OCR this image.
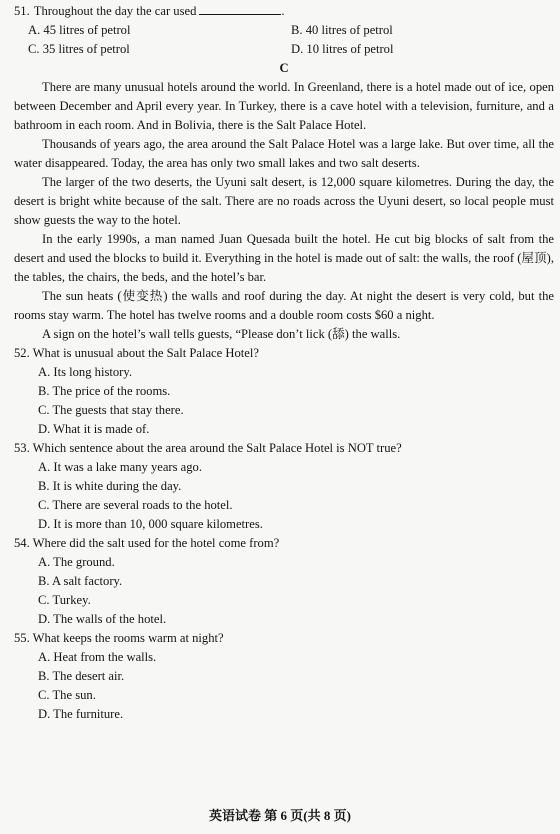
51. Throughout the day the car used	.

A. 45 litres of petrol	B. 40 litres of petrol
C. 35 litres of petrol	D. 10 litres of petrol

C

There are many unusual hotels around the world. In Greenland, there is a hotel made out of ice, open between December and April every year. In Turkey, there is a cave hotel with a television, furniture, and a bathroom in each room. And in Bolivia, there is the Salt Palace Hotel.

Thousands of years ago, the area around the Salt Palace Hotel was a large lake. But over time, all the water disappeared. Today, the area has only two small lakes and two salt deserts.

The larger of the two deserts, the Uyuni salt desert, is 12,000 square kilometres. During the day, the desert is bright white because of the salt. There are no roads across the Uyuni desert, so local people must show guests the way to the hotel.

In the early 1990s, a man named Juan Quesada built the hotel. He cut big blocks of salt from the desert and used the blocks to build it. Everything in the hotel is made out of salt: the walls, the roof (屋顶), the tables, the chairs, the beds, and the hotel’s bar.

The sun heats (使变热) the walls and roof during the day. At night the desert is very cold, but the rooms stay warm. The hotel has twelve rooms and a double room costs $60 a night.

A sign on the hotel’s wall tells guests, “Please don’t lick (舔) the walls.

52. What is unusual about the Salt Palace Hotel?

A. Its long history.

B. The price of the rooms.

C. The guests that stay there.

D. What it is made of.

53. Which sentence about the area around the Salt Palace Hotel is NOT true?

A. It was a lake many years ago.

B. It is white during the day.

C. There are several roads to the hotel.

D. It is more than 10, 000 square kilometres.

54. Where did the salt used for the hotel come from?

A. The ground.

B. A salt factory.

C. Turkey.

D. The walls of the hotel.

55. What keeps the rooms warm at night?

A. Heat from the walls.

B. The desert air.

C. The sun.

D. The furniture.

英语试卷 第 6 页(共 8 页)
